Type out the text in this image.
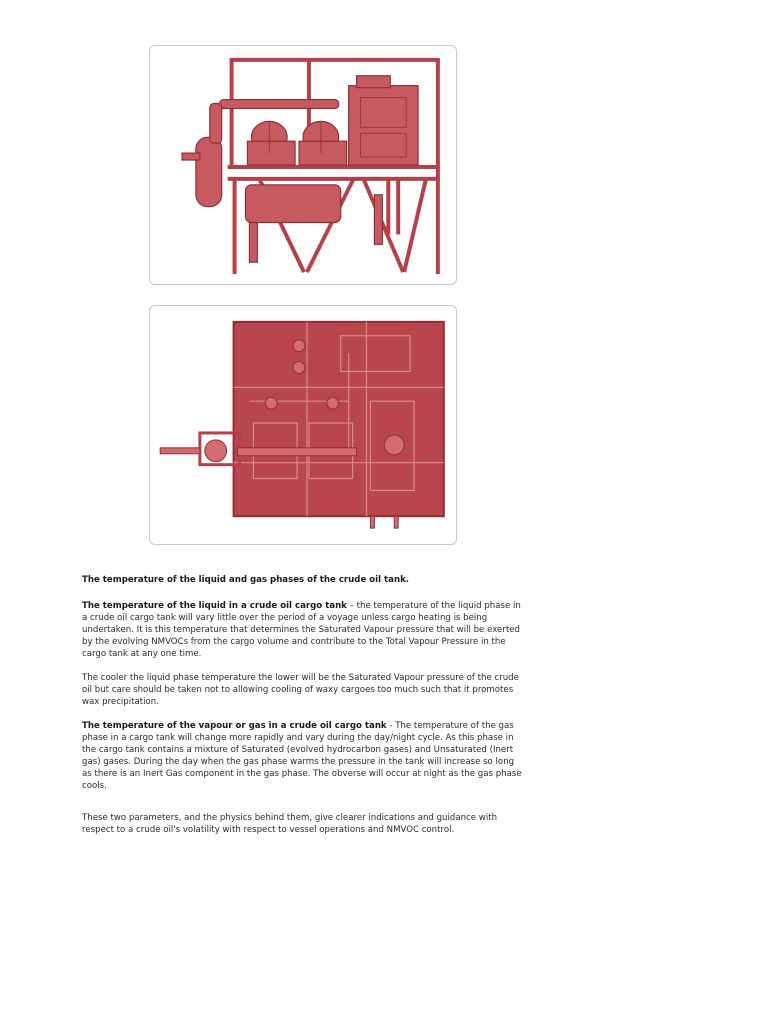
The temperature of the liquid and gas phases of the crude oil tank.

The temperature of the liquid in a crude oil cargo tank – the temperature of the liquid phase in a crude oil cargo tank will vary little over the period of a voyage unless cargo heating is being undertaken. It is this temperature that determines the Saturated Vapour pressure that will be exerted by the evolving NMVOCs from the cargo volume and contribute to the Total Vapour Pressure in the cargo tank at any one time.

The cooler the liquid phase temperature the lower will be the Saturated Vapour pressure of the crude oil but care should be taken not to allowing cooling of waxy cargoes too much such that it promotes wax precipitation.

The temperature of the vapour or gas in a crude oil cargo tank - The temperature of the gas phase in a cargo tank will change more rapidly and vary during the day/night cycle. As this phase in the cargo tank contains a mixture of Saturated (evolved hydrocarbon gases) and Unsaturated (Inert gas) gases. During the day when the gas phase warms the pressure in the tank will increase so long as there is an Inert Gas component in the gas phase. The obverse will occur at night as the gas phase cools.

These two parameters, and the physics behind them, give clearer indications and guidance with respect to a crude oil's volatility with respect to vessel operations and NMVOC control.
